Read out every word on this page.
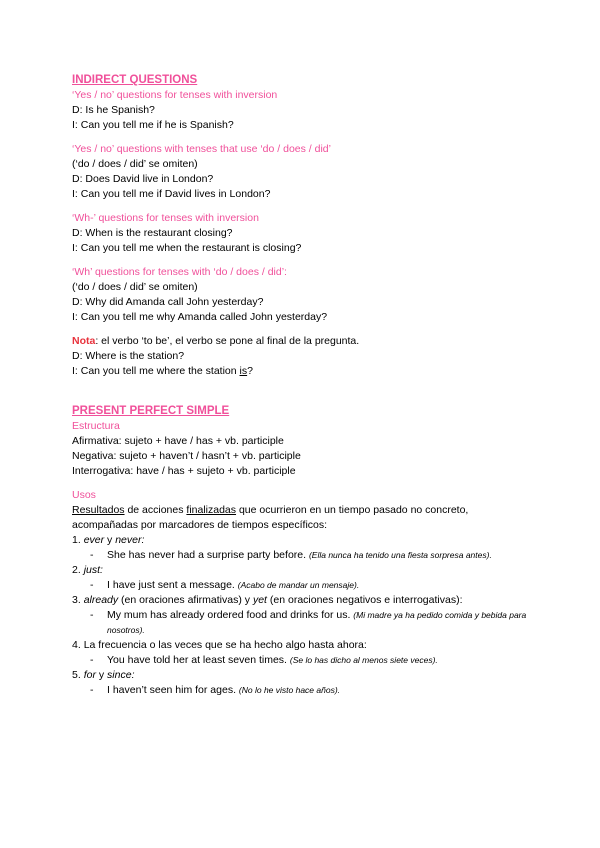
INDIRECT QUESTIONS
‘Yes / no’ questions for tenses with inversion
D: Is he Spanish?
I: Can you tell me if he is Spanish?
‘Yes / no’ questions with tenses that use ‘do / does / did’
(‘do / does / did’ se omiten)
D: Does David live in London?
I: Can you tell me if David lives in London?
‘Wh-’ questions for tenses with inversion
D: When is the restaurant closing?
I: Can you tell me when the restaurant is closing?
‘Wh’ questions for tenses with ‘do / does / did’:
(‘do / does / did’ se omiten)
D: Why did Amanda call John yesterday?
I: Can you tell me why Amanda called John yesterday?
Nota: el verbo ‘to be’, el verbo se pone al final de la pregunta.
D: Where is the station?
I: Can you tell me where the station is?
PRESENT PERFECT SIMPLE
Estructura
Afirmativa: sujeto + have / has + vb. participle
Negativa: sujeto + haven’t / hasn’t + vb. participle
Interrogativa: have / has + sujeto + vb. participle
Usos
Resultados de acciones finalizadas que ocurrieron en un tiempo pasado no concreto,
acompañadas por marcadores de tiempos específicos:
1. ever y never:
- She has never had a surprise party before. (Ella nunca ha tenido una fiesta sorpresa antes).
2. just:
- I have just sent a message. (Acabo de mandar un mensaje).
3. already (en oraciones afirmativas) y yet (en oraciones negativos e interrogativas):
- My mum has already ordered food and drinks for us. (Mi madre ya ha pedido comida y bebida para nosotros).
4. La frecuencia o las veces que se ha hecho algo hasta ahora:
- You have told her at least seven times. (Se lo has dicho al menos siete veces).
5. for y since:
- I haven’t seen him for ages. (No lo he visto hace años).
